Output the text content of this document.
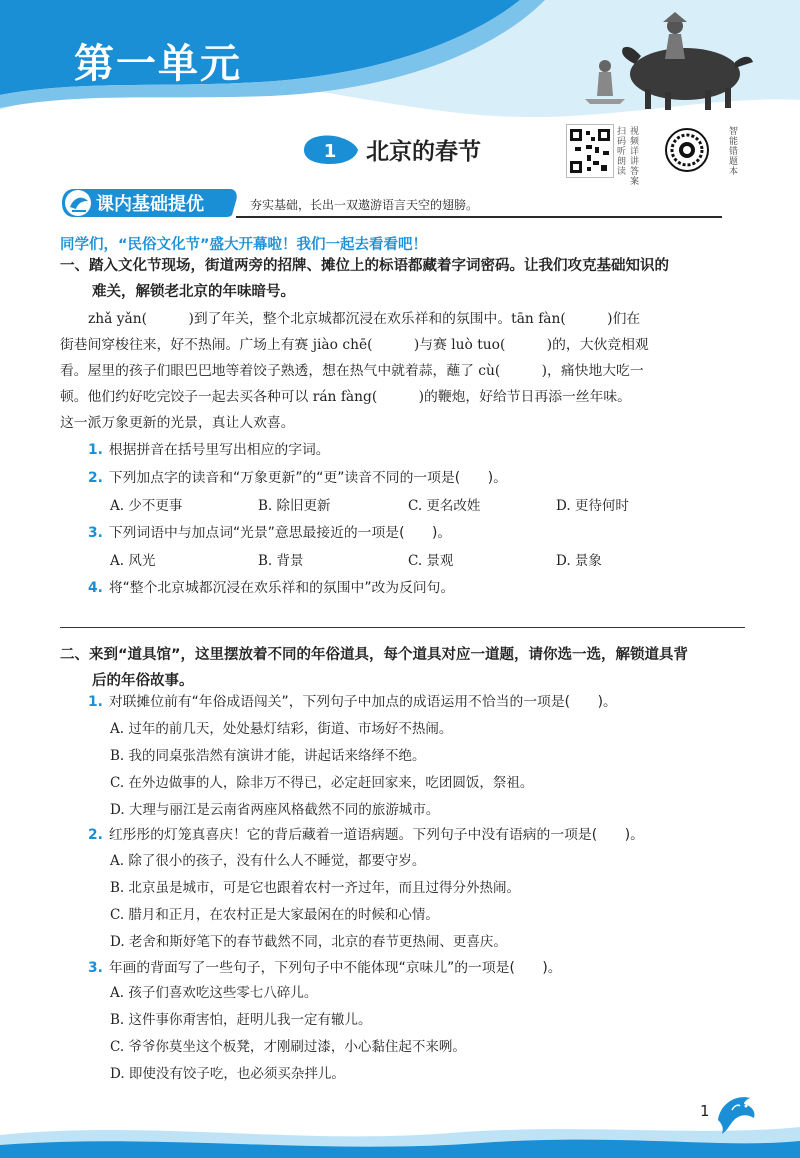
第一单元
1 北京的春节	扫码听朗读 视频详讲答案	智能错题本
课内基础提优	夯实基础，长出一双遨游语言天空的翅膀。
同学们，“民俗文化节”盛大开幕啦！我们一起去看看吧！
一、踏入文化节现场，街道两旁的招牌、摊位上的标语都藏着字词密码。让我们攻克基础知识的
难关，解锁老北京的年味暗号。
zhǎ yǎn(　　　)到了年关，整个北京城都沉浸在欢乐祥和的氛围中。tān fàn(　　　)们在
街巷间穿梭往来，好不热闹。广场上有赛 jiào chē(　　　)与赛 luò tuo(　　　)的，大伙竞相观
看。屋里的孩子们眼巴巴地等着饺子熟透，想在热气中就着蒜，蘸了 cù(　　　)，痛快地大吃一
顿。他们约好吃完饺子一起去买各种可以 rán fàng(　　　)的鞭炮，好给节日再添一丝年味。
这一派万象更新的光景，真让人欢喜。
1. 根据拼音在括号里写出相应的字词。
2. 下列加点字的读音和“万象更新”的“更”读音不同的一项是(　　)。
A. 少不更事	B. 除旧更新	C. 更名改姓	D. 更待何时
3. 下列词语中与加点词“光景”意思最接近的一项是(　　)。
A. 风光	B. 背景	C. 景观	D. 景象
4. 将“整个北京城都沉浸在欢乐祥和的氛围中”改为反问句。
二、来到“道具馆”，这里摆放着不同的年俗道具，每个道具对应一道题，请你选一选，解锁道具背
后的年俗故事。
1. 对联摊位前有“年俗成语闯关”，下列句子中加点的成语运用不恰当的一项是(　　)。
A. 过年的前几天，处处悬灯结彩，街道、市场好不热闹。
B. 我的同桌张浩然有演讲才能，讲起话来络绎不绝。
C. 在外边做事的人，除非万不得已，必定赶回家来，吃团圆饭，祭祖。
D. 大理与丽江是云南省两座风格截然不同的旅游城市。
2. 红彤彤的灯笼真喜庆！它的背后藏着一道语病题。下列句子中没有语病的一项是(　　)。
A. 除了很小的孩子，没有什么人不睡觉，都要守岁。
B. 北京虽是城市，可是它也跟着农村一齐过年，而且过得分外热闹。
C. 腊月和正月，在农村正是大家最闲在的时候和心情。
D. 老舍和斯妤笔下的春节截然不同，北京的春节更热闹、更喜庆。
3. 年画的背面写了一些句子，下列句子中不能体现“京味儿”的一项是(　　)。
A. 孩子们喜欢吃这些零七八碎儿。
B. 这件事你甭害怕，赶明儿我一定有辙儿。
C. 爷爷你莫坐这个板凳，才刚刷过漆，小心黏住起不来咧。
D. 即使没有饺子吃，也必须买杂拌儿。
1
